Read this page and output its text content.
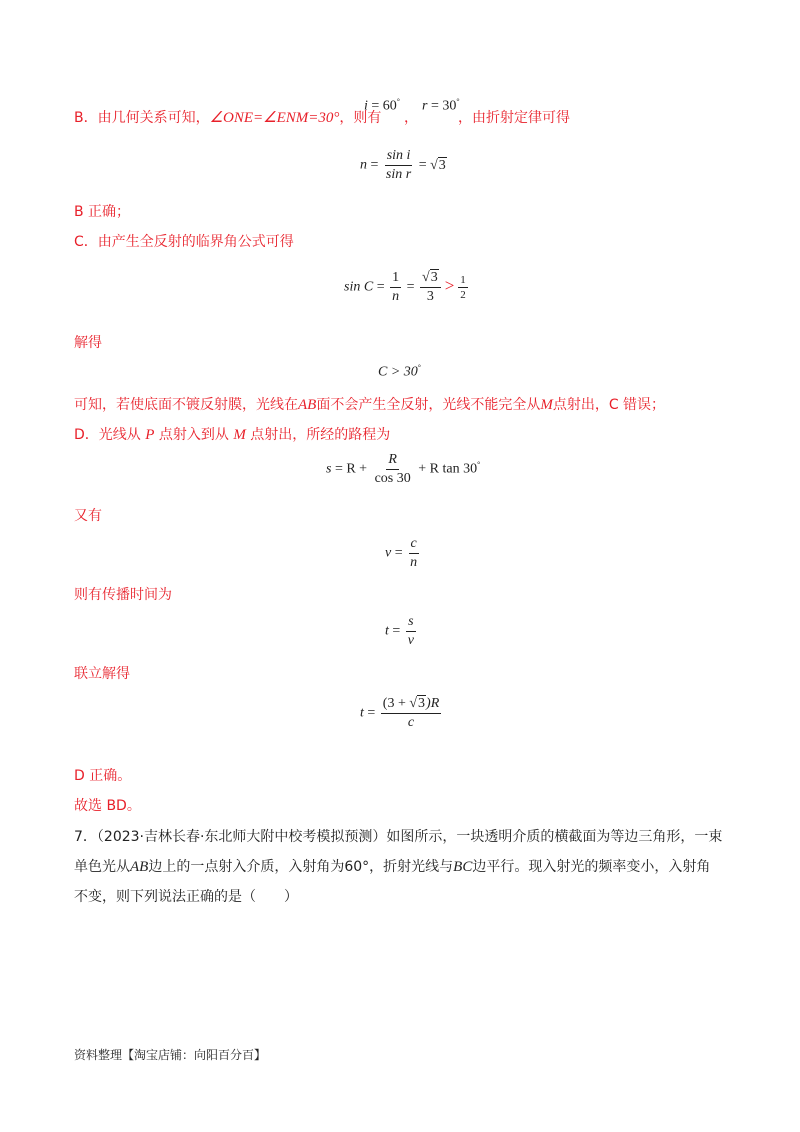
B．由几何关系可知，∠ONE=∠ENM=30°，则有
i = 60°
，
r = 30°
，由折射定律可得
$n = \frac{\text{sin i}}{\text{sin r}} = √3$
B 正确；
C．由产生全反射的临界角公式可得
$\sin C = \frac{1}{n} = \frac{√3}{3} > \frac{1}{2}$
解得
C > 30°
可知，若使底面不镀反射膜，光线在AB面不会产生全反射，光线不能完全从M点射出，C 错误；
D．光线从 P 点射入到从 M 点射出，所经的路程为
$s = R + \frac{R}{\cos 30} + R$ tan 30°
又有
$v = \frac{c}{n}$
则有传播时间为
$t = \frac{s}{v}$
联立解得
$t = \frac{(3 + √3)R}{c}$
D 正确。
故选 BD。
7．（2023·吉林长春·东北师大附中校考模拟预测）如图所示，一块透明介质的横截面为等边三角形，一束
单色光从AB边上的一点射入介质，入射角为60°，折射光线与BC边平行。现入射光的频率变小，入射角
不变，则下列说法正确的是（　　）
资料整理【淘宝店铺：向阳百分百】
